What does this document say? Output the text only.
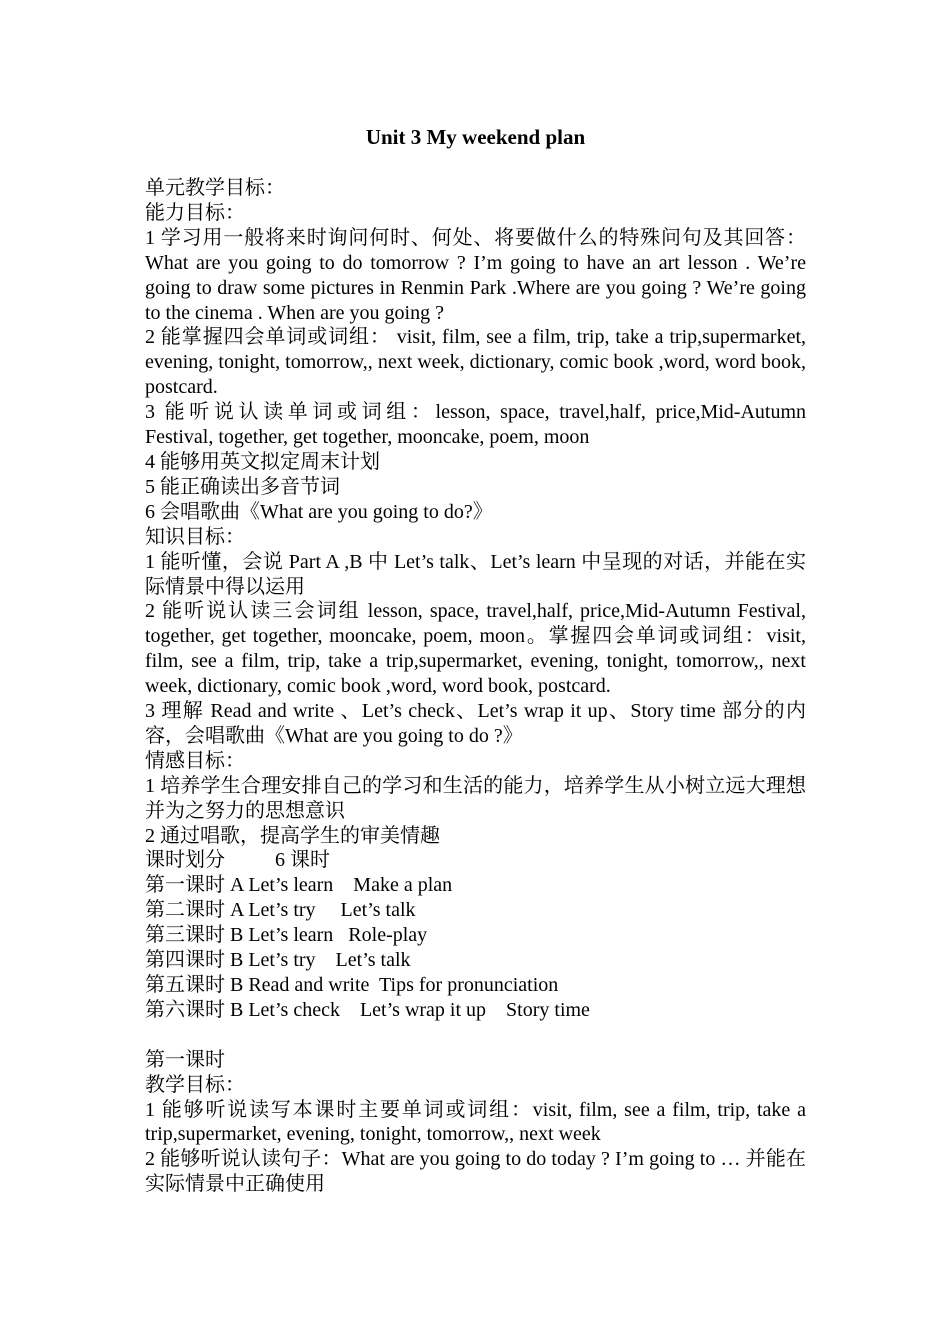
Unit 3 My weekend plan

单元教学目标：

能力目标：

1 学习用一般将来时询问何时、何处、将要做什么的特殊问句及其回答： What are you going to do tomorrow ? I’m going to have an art lesson . We’re going to draw some pictures in Renmin Park .Where are you going ? We’re going to the cinema . When are you going ?

2 能掌握四会单词或词组： visit, film, see a film, trip, take a trip,supermarket, evening, tonight, tomorrow,, next week, dictionary, comic book ,word, word book, postcard.

3 能听说认读单词或词组：lesson, space, travel,half, price,Mid-Autumn Festival, together, get together, mooncake, poem, moon

4 能够用英文拟定周末计划

5 能正确读出多音节词

6 会唱歌曲《What are you going to do?》

知识目标：

1 能听懂，会说 Part A ,B 中 Let’s talk、Let’s learn 中呈现的对话，并能在实际情景中得以运用

2 能听说认读三会词组 lesson, space, travel,half, price,Mid-Autumn Festival, together, get together, mooncake, poem, moon。掌握四会单词或词组：visit, film, see a film, trip, take a trip,supermarket, evening, tonight, tomorrow,, next week, dictionary, comic book ,word, word book, postcard.

3 理解 Read and write 、Let’s check、Let’s wrap it up、Story time 部分的内容，会唱歌曲《What are you going to do ?》

情感目标：

1 培养学生合理安排自己的学习和生活的能力，培养学生从小树立远大理想并为之努力的思想意识

2 通过唱歌，提高学生的审美情趣

课时划分          6 课时

第一课时 A Let’s learn    Make a plan

第二课时 A Let’s try     Let’s talk

第三课时 B Let’s learn   Role-play

第四课时 B Let’s try    Let’s talk

第五课时 B Read and write  Tips for pronunciation

第六课时 B Let’s check    Let’s wrap it up    Story time

第一课时

教学目标：

1 能够听说读写本课时主要单词或词组：visit, film, see a film, trip, take a trip,supermarket, evening, tonight, tomorrow,, next week

2 能够听说认读句子：What are you going to do today ? I’m going to … 并能在实际情景中正确使用
